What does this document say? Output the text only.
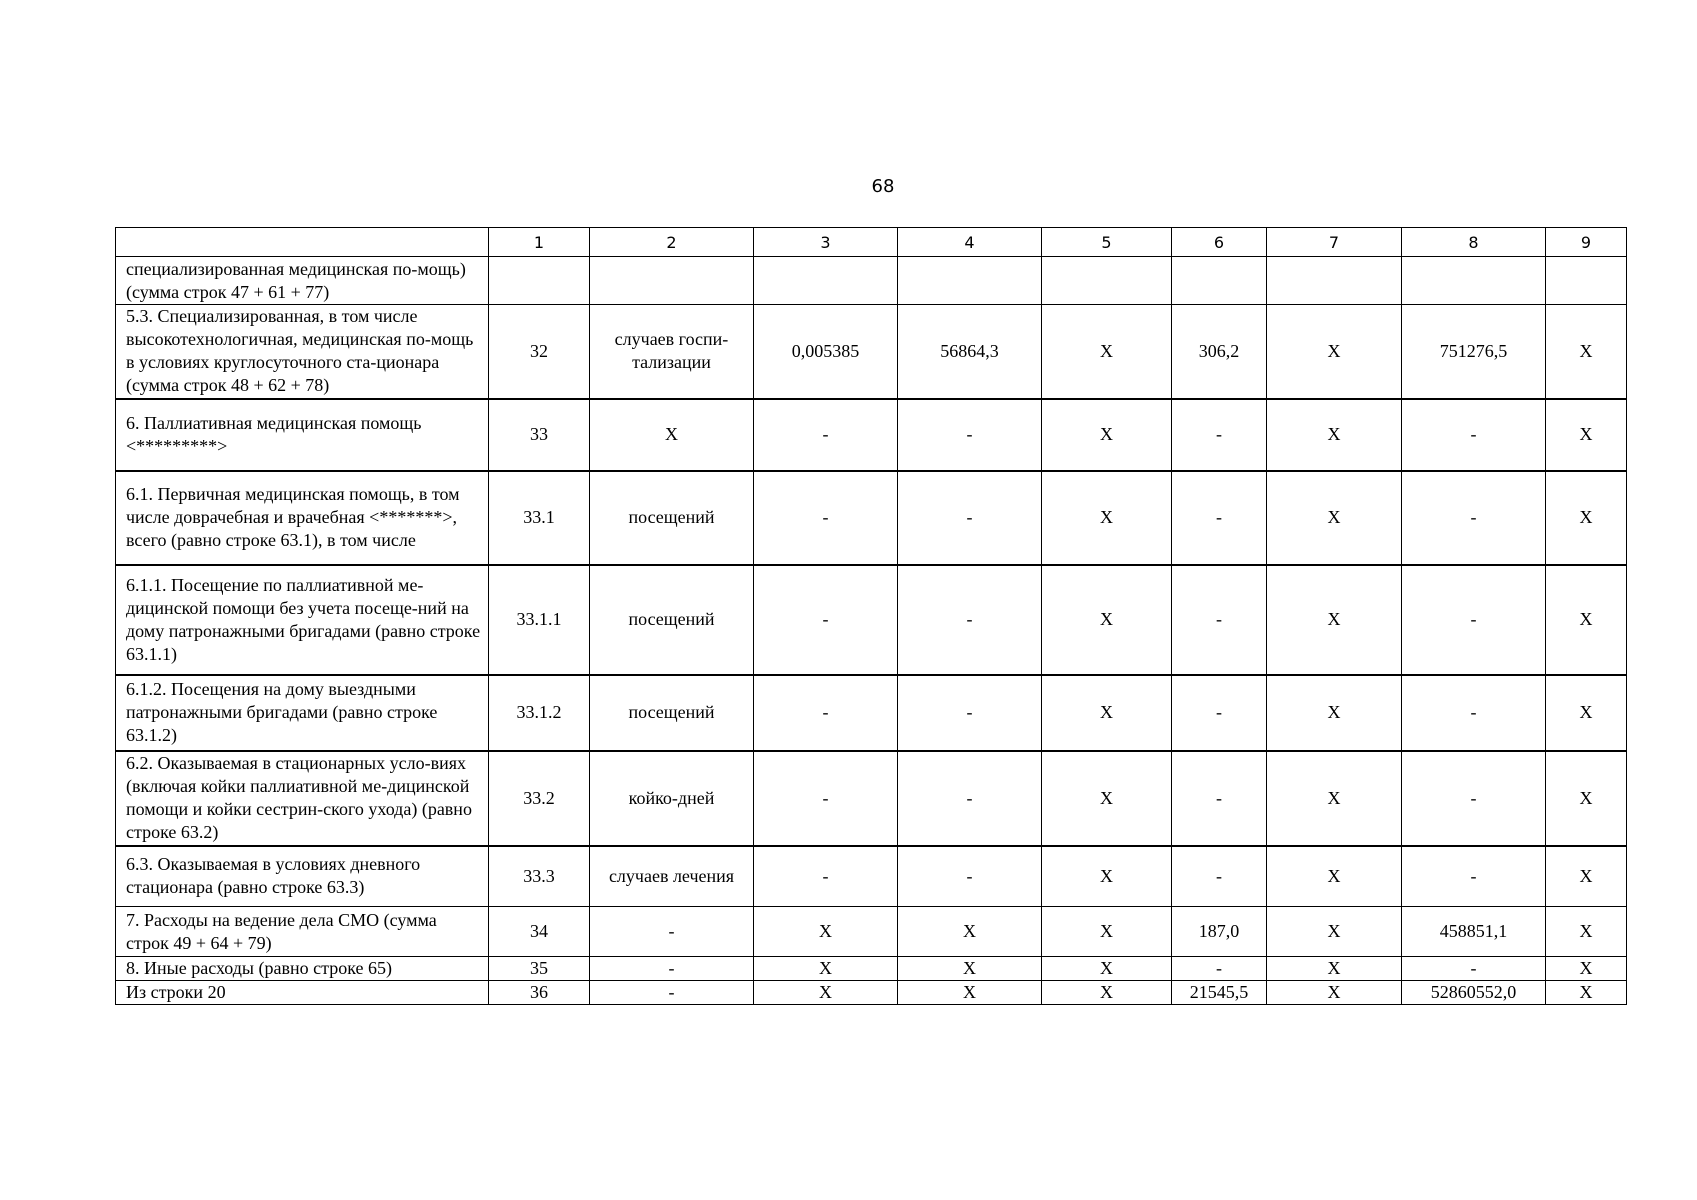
68
	1	2	3	4	5	6	7	8	9
специализированная медицинская по-мощь) (сумма строк 47 + 61 + 77)									
5.3. Специализированная, в том числе высокотехнологичная, медицинская по-мощь в условиях круглосуточного ста-ционара (сумма строк 48 + 62 + 78)	32	случаев госпи-тализации	0,005385	56864,3	X	306,2	X	751276,5	X
6. Паллиативная медицинская помощь <*********>	33	X	-	-	X	-	X	-	X
6.1. Первичная медицинская помощь, в том числе доврачебная и врачебная <*******>, всего (равно строке 63.1), в том числе	33.1	посещений	-	-	X	-	X	-	X
6.1.1. Посещение по паллиативной ме-дицинской помощи без учета посеще-ний на дому патронажными бригадами (равно строке 63.1.1)	33.1.1	посещений	-	-	X	-	X	-	X
6.1.2. Посещения на дому выездными патронажными бригадами (равно строке 63.1.2)	33.1.2	посещений	-	-	X	-	X	-	X
6.2. Оказываемая в стационарных усло-виях (включая койки паллиативной ме-дицинской помощи и койки сестрин-ского ухода) (равно строке 63.2)	33.2	койко-дней	-	-	X	-	X	-	X
6.3. Оказываемая в условиях дневного стационара (равно строке 63.3)	33.3	случаев лечения	-	-	X	-	X	-	X
7. Расходы на ведение дела СМО (сумма строк 49 + 64 + 79)	34	-	X	X	X	187,0	X	458851,1	X
8. Иные расходы (равно строке 65)	35	-	X	X	X	-	X	-	X
Из строки 20	36	-	X	X	X	21545,5	X	52860552,0	X
